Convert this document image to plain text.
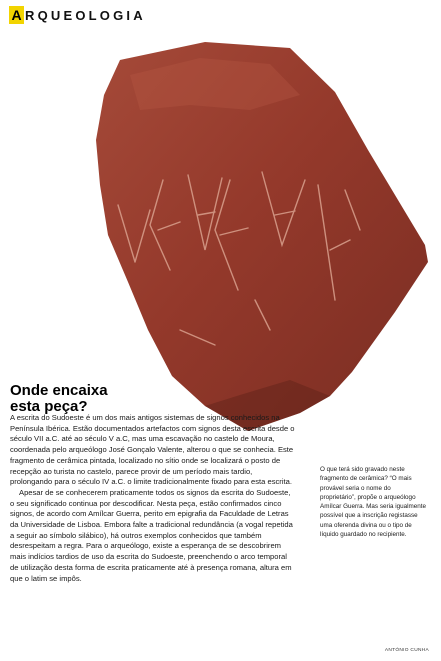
A RQUEOLOGIA
Onde encaixa
esta peça?

A escrita do Sudoeste é um dos mais antigos sistemas de signos conhecidos na Península Ibérica. Estão documentados artefactos com signos desta escrita desde o século VII a.C. até ao século V a.C, mas uma escavação no castelo de Moura, coordenada pelo arqueólogo José Gonçalo Valente, alterou o que se conhecia. Este fragmento de cerâmica pintada, localizado no sítio onde se localizará o posto de recepção ao turista no castelo, parece provir de um período mais tardio, prolongando para o século IV a.C. o limite tradicionalmente fixado para esta escrita.

Apesar de se conhecerem praticamente todos os signos da escrita do Sudoeste, o seu significado continua por descodificar. Nesta peça, estão confirmados cinco signos, de acordo com Amílcar Guerra, perito em epigrafia da Faculdade de Letras da Universidade de Lisboa. Embora falte a tradicional redundância (a vogal repetida a seguir ao símbolo silábico), há outros exemplos conhecidos que também desrespeitam a regra. Para o arqueólogo, existe a esperança de se descobrirem mais indícios tardios de uso da escrita do Sudoeste, preenchendo o arco temporal de utilização desta forma de escrita praticamente até à presença romana, altura em que o latim se impôs.

O que terá sido gravado neste fragmento de cerâmica? “O mais provável seria o nome do proprietário”, propõe o arqueólogo Amílcar Guerra. Mas seria igualmente possível que a inscrição registasse uma oferenda divina ou o tipo de líquido guardado no recipiente.
ANTÓNIO CUNHA
